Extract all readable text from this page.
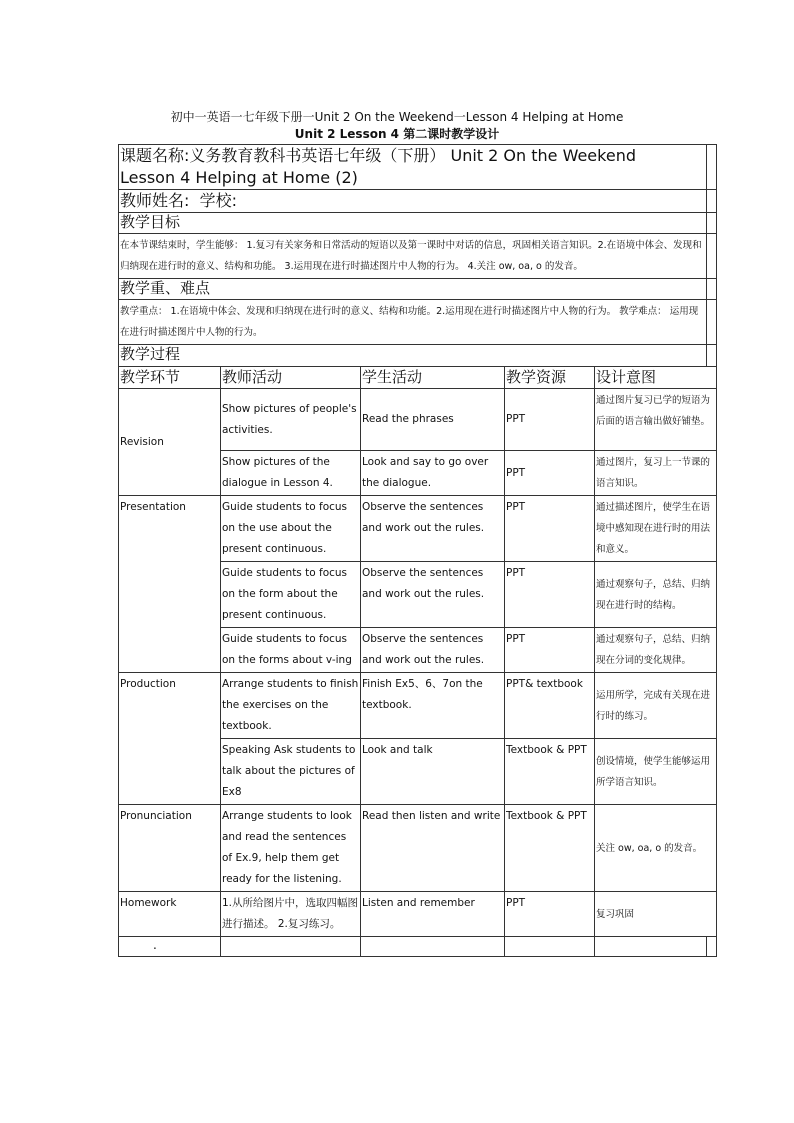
初中一英语一七年级下册一Unit 2 On the Weekend一Lesson 4 Helping at Home
Unit 2 Lesson 4 第二课时教学设计
课题名称:义务教育教科书英语七年级（下册） Unit 2 On the Weekend
Lesson 4 Helping at Home (2)					
教师姓名: 学校:					
教学目标					
在本节课结束时，学生能够： 1.复习有关家务和日常活动的短语以及第一课时中对话的信息，巩固相关语言知识。2.在语境中体会、发现和归纳现在进行时的意义、结构和功能。 3.运用现在进行时描述图片中人物的行为。 4.关注 ow, oa, o 的发音。					
教学重、难点					
教学重点： 1.在语境中体会、发现和归纳现在进行时的意义、结构和功能。2.运用现在进行时描述图片中人物的行为。 教学难点： 运用现在进行时描述图片中人物的行为。					
教学过程					
教学环节	教师活动	学生活动	教学资源	设计意图	
Revision	Show pictures of people's activities.	Read the phrases	PPT	通过图片复习已学的短语为后面的语言输出做好铺垫。	
	Show pictures of the dialogue in Lesson 4.	Look and say to go over the dialogue.	PPT	通过图片，复习上一节课的语言知识。	
Presentation	Guide students to focus on the use about the present continuous.	Observe the sentences and work out the rules.	PPT	通过描述图片，使学生在语境中感知现在进行时的用法和意义。	
	Guide students to focus on the form about the present continuous.	Observe the sentences and work out the rules.	PPT	通过观察句子，总结、归纳现在进行时的结构。	
	Guide students to focus on the forms about v-ing	Observe the sentences and work out the rules.	PPT	通过观察句子，总结、归纳现在分词的变化规律。	
Production	Arrange students to finish the exercises on the textbook.	Finish Ex5、6、7on the textbook.	PPT& textbook	运用所学，完成有关现在进行时的练习。	
	Speaking Ask students to talk about the pictures of Ex8	Look and talk	Textbook & PPT	创设情境，使学生能够运用所学语言知识。	
Pronunciation	Arrange students to look and read the sentences of Ex.9, help them get ready for the listening.	Read then listen and write	Textbook & PPT	关注 ow, oa, o 的发音。	
Homework	1.从所给图片中，选取四幅图进行描述。 2.复习练习。	Listen and remember	PPT	复习巩固	

.
